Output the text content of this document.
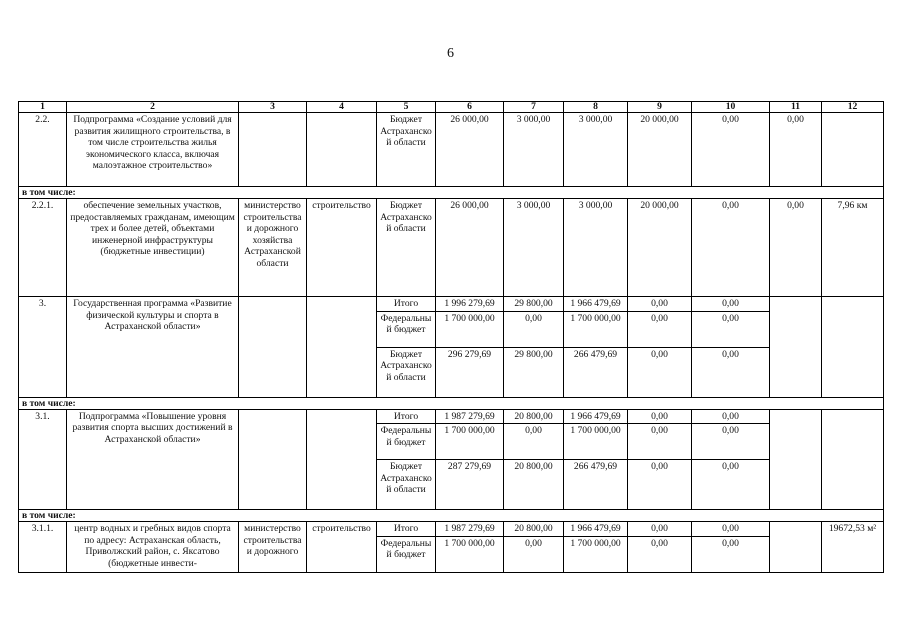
6
1	2	3	4	5	6	7	8	9	10	11	12
2.2.	Подпрограмма «Создание условий для развития жилищного строительства, в том числе строительства жилья экономического класса, включая малоэтажное строительство»			Бюджет Астраханской области	26 000,00	3 000,00	3 000,00	20 000,00	0,00	0,00	
в том числе:											
2.2.1.	обеспечение земельных участков, предоставляемых гражданам, имеющим трех и более детей, объектами инженерной инфраструктуры (бюджетные инвестиции)	министерство строительства и дорожного хозяйства Астраханской области	строительство	Бюджет Астраханской области	26 000,00	3 000,00	3 000,00	20 000,00	0,00	0,00	7,96 км
3.	Государственная программа «Развитие физической культуры и спорта в Астраханской области»			Итого	1 996 279,69	29 800,00	1 966 479,69	0,00	0,00		
				Федеральный бюджет	1 700 000,00	0,00	1 700 000,00	0,00	0,00		
				Бюджет Астраханской области	296 279,69	29 800,00	266 479,69	0,00	0,00		
в том числе:											
3.1.	Подпрограмма «Повышение уровня развития спорта высших достижений в Астраханской области»			Итого	1 987 279,69	20 800,00	1 966 479,69	0,00	0,00		
				Федеральный бюджет	1 700 000,00	0,00	1 700 000,00	0,00	0,00		
				Бюджет Астраханской области	287 279,69	20 800,00	266 479,69	0,00	0,00		
в том числе:											
3.1.1.	центр водных и гребных видов спорта по адресу: Астраханская область, Приволжский район, с. Яксатово (бюджетные инвести-	министерство строительства и дорожного	строительство	Итого	1 987 279,69	20 800,00	1 966 479,69	0,00	0,00		19672,53 м²
				Федеральный бюджет	1 700 000,00	0,00	1 700 000,00	0,00	0,00		
